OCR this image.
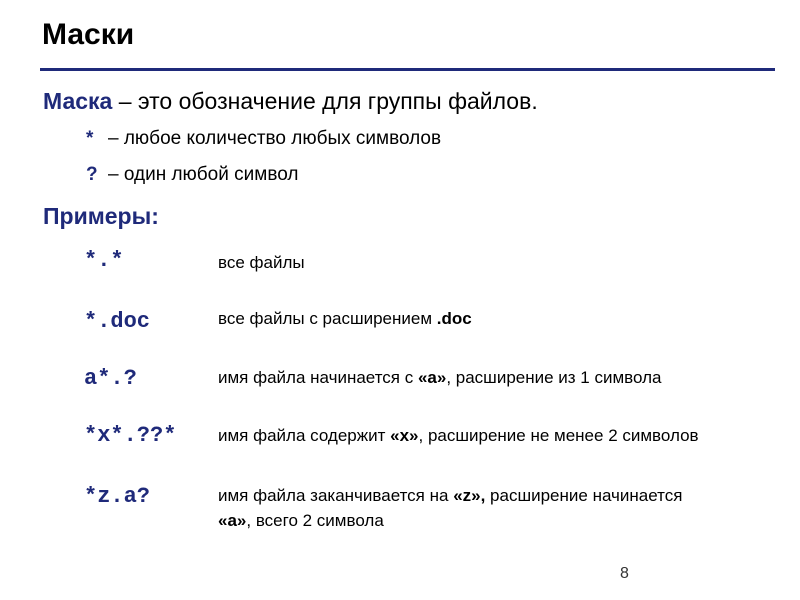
Маски
Маска – это обозначение для группы файлов.
* – любое количество любых символов
? – один любой символ
Примеры:
*.*	все файлы
*.doc	все файлы с расширением .doc
a*.?	имя файла начинается с «a», расширение из 1 символа
*x*.??* имя файла содержит «x», расширение не менее 2 символов
*z.a?	имя файла заканчивается на «z», расширение начинается «a», всего 2 символа
8
